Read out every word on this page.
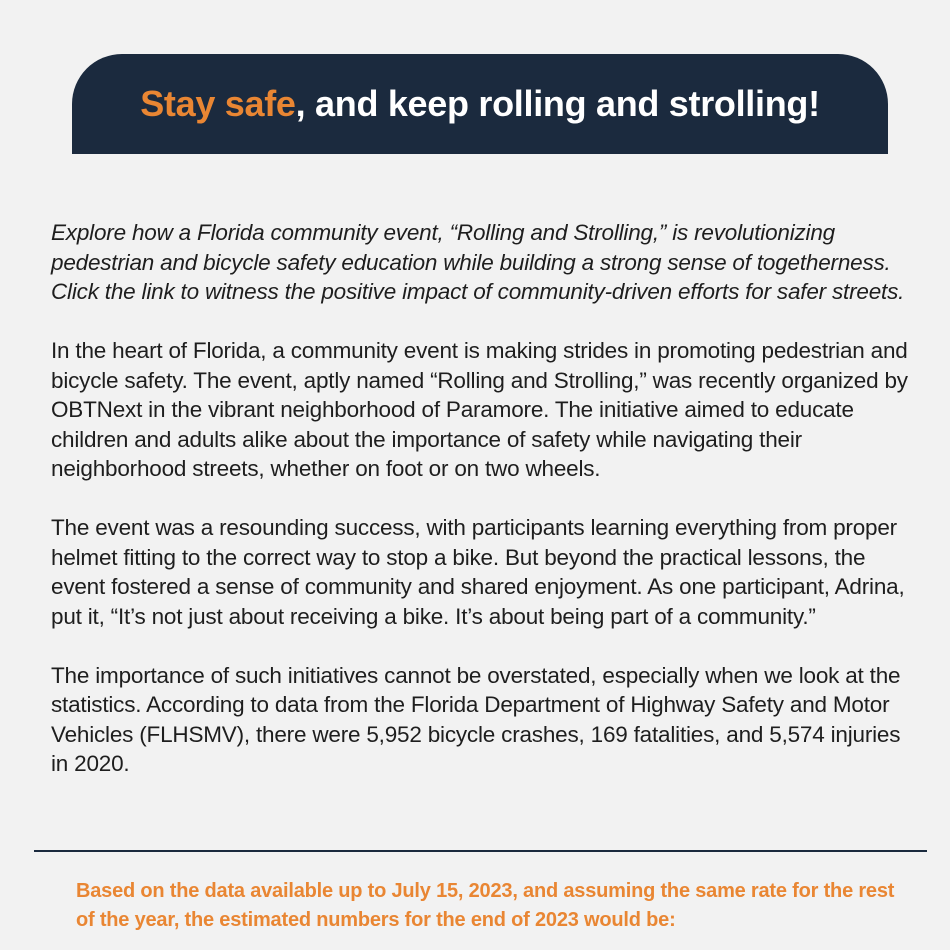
Stay safe, and keep rolling and strolling!

Explore how a Florida community event, “Rolling and Strolling,” is revolutionizing pedestrian and bicycle safety education while building a strong sense of togetherness. Click the link to witness the positive impact of community-driven efforts for safer streets.

In the heart of Florida, a community event is making strides in promoting pedestrian and bicycle safety. The event, aptly named “Rolling and Strolling,” was recently organized by OBTNext in the vibrant neighborhood of Paramore. The initiative aimed to educate children and adults alike about the importance of safety while navigating their neighborhood streets, whether on foot or on two wheels.

The event was a resounding success, with participants learning everything from proper helmet fitting to the correct way to stop a bike. But beyond the practical lessons, the event fostered a sense of community and shared enjoyment. As one participant, Adrina, put it, “It’s not just about receiving a bike. It’s about being part of a community.”

The importance of such initiatives cannot be overstated, especially when we look at the statistics. According to data from the Florida Department of Highway Safety and Motor Vehicles (FLHSMV), there were 5,952 bicycle crashes, 169 fatalities, and 5,574 injuries in 2020.

Based on the data available up to July 15, 2023, and assuming the same rate for the rest of the year, the estimated numbers for the end of 2023 would be:
